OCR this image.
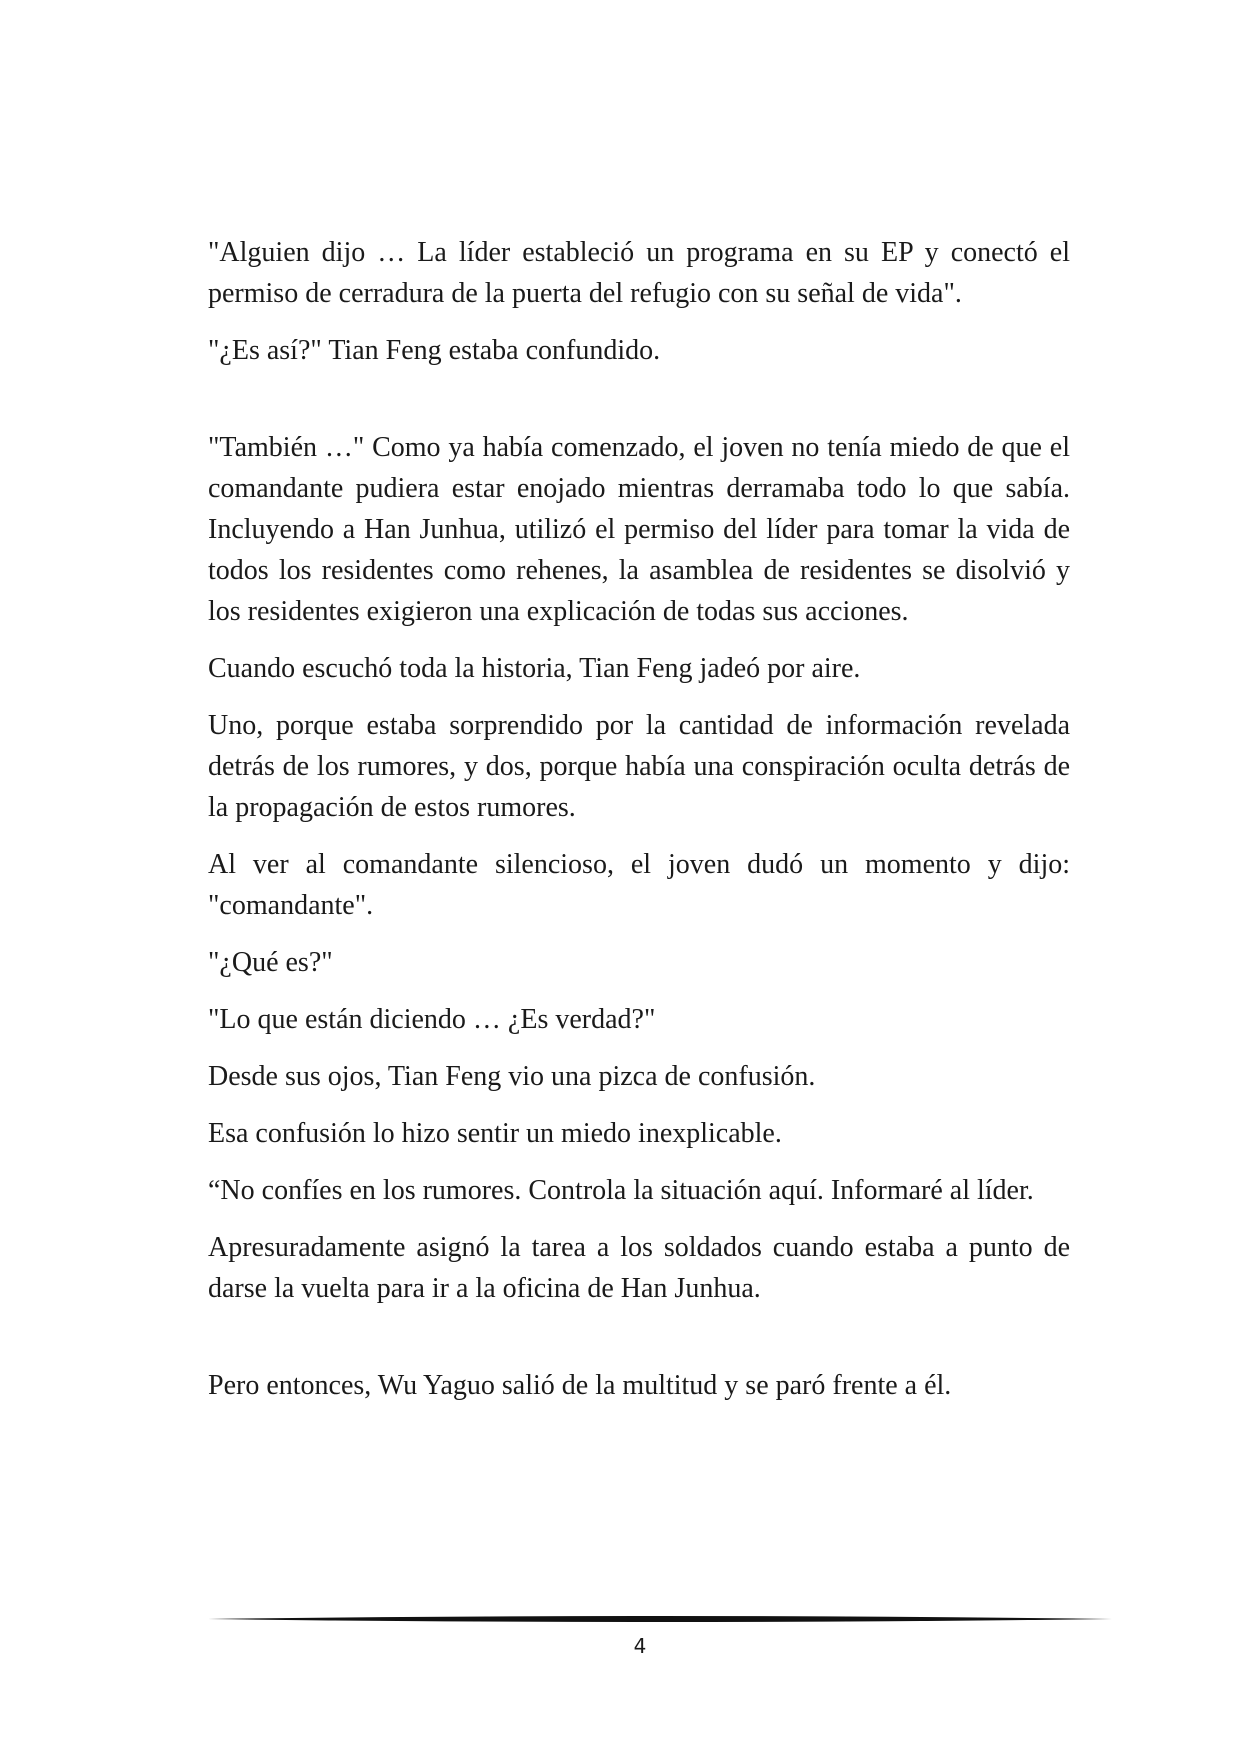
"Alguien dijo … La líder estableció un programa en su EP y conectó el permiso de cerradura de la puerta del refugio con su señal de vida".

"¿Es así?" Tian Feng estaba confundido.

"También …" Como ya había comenzado, el joven no tenía miedo de que el comandante pudiera estar enojado mientras derramaba todo lo que sabía. Incluyendo a Han Junhua, utilizó el permiso del líder para tomar la vida de todos los residentes como rehenes, la asamblea de residentes se disolvió y los residentes exigieron una explicación de todas sus acciones.

Cuando escuchó toda la historia, Tian Feng jadeó por aire.

Uno, porque estaba sorprendido por la cantidad de información revelada detrás de los rumores, y dos, porque había una conspiración oculta detrás de la propagación de estos rumores.

Al ver al comandante silencioso, el joven dudó un momento y dijo: "comandante".

"¿Qué es?"

"Lo que están diciendo … ¿Es verdad?"

Desde sus ojos, Tian Feng vio una pizca de confusión.

Esa confusión lo hizo sentir un miedo inexplicable.

“No confíes en los rumores. Controla la situación aquí. Informaré al líder.

Apresuradamente asignó la tarea a los soldados cuando estaba a punto de darse la vuelta para ir a la oficina de Han Junhua.

Pero entonces, Wu Yaguo salió de la multitud y se paró frente a él.

4
